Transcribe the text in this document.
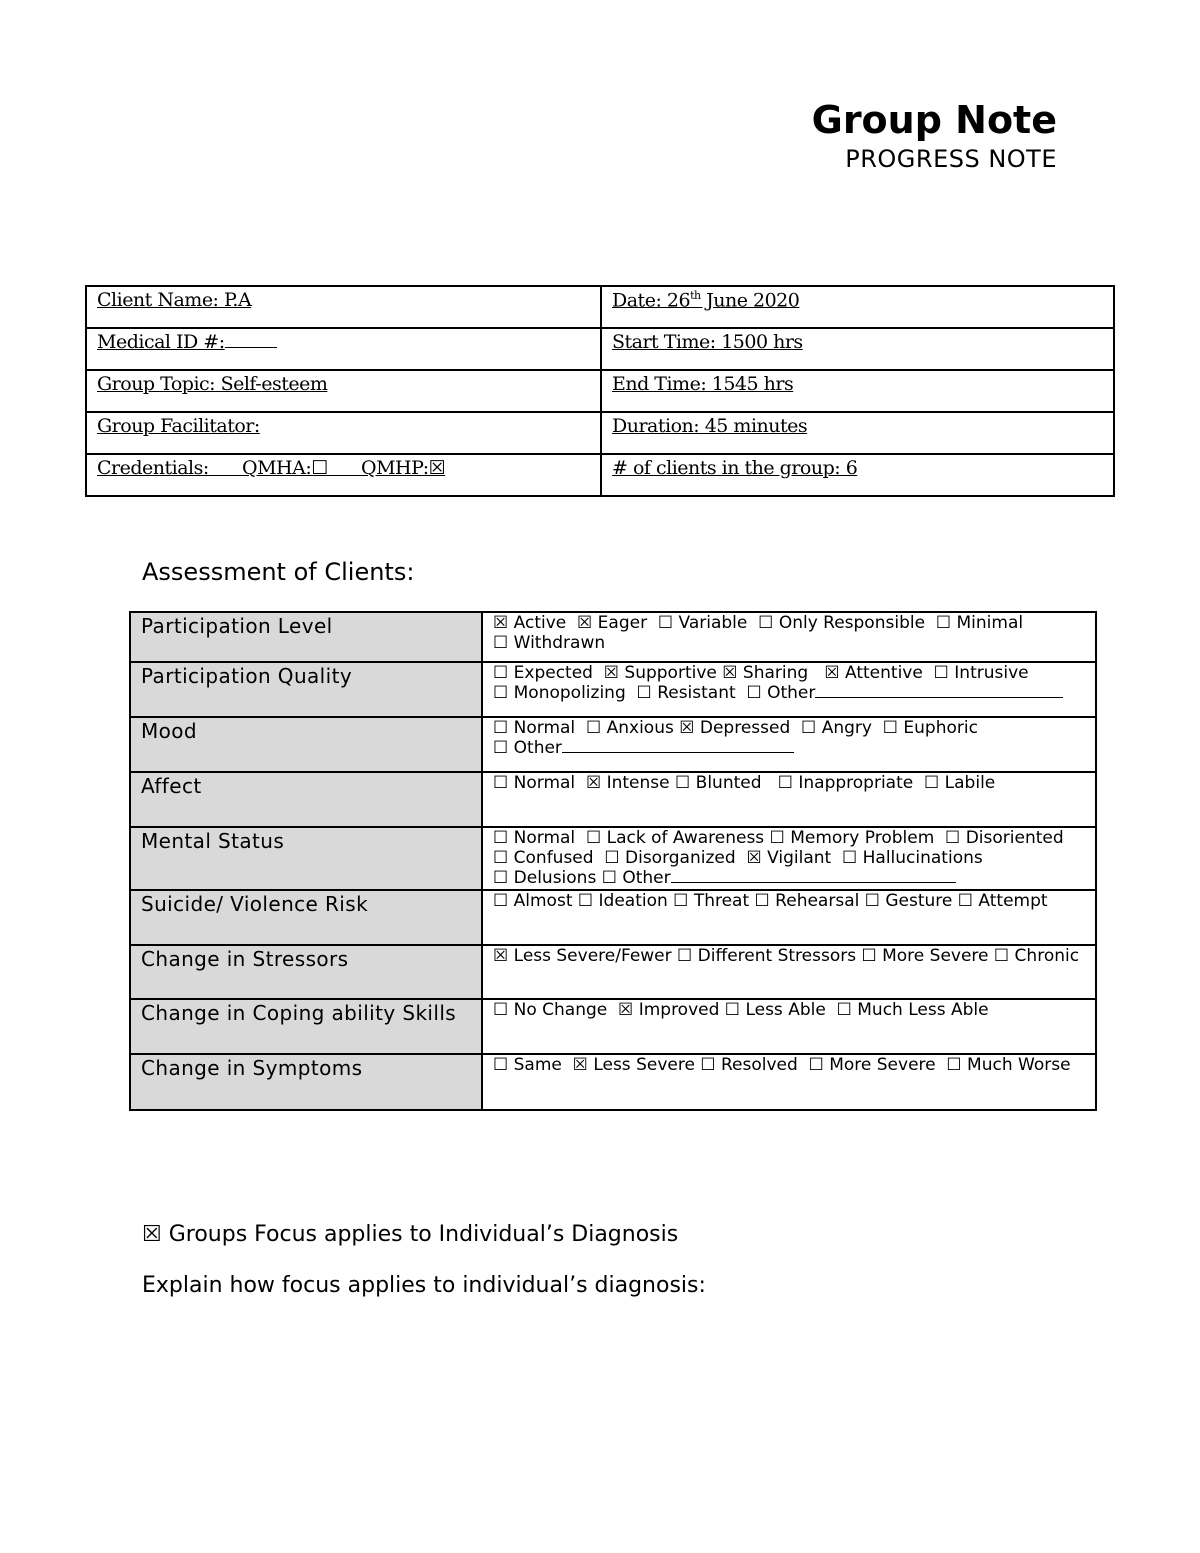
Group Note
PROGRESS NOTE
Client Name: P.A	Date: 26th June 2020
Medical ID #:	Start Time: 1500 hrs
Group Topic: Self-esteem	End Time: 1545 hrs
Group Facilitator:	Duration: 45 minutes
Credentials:      QMHA:☐      QMHP:☒	# of clients in the group: 6
Assessment of Clients:
Participation Level	☒ Active  ☒ Eager  ☐ Variable  ☐ Only Responsible  ☐ Minimal
☐ Withdrawn

Participation Quality	☐ Expected  ☒ Supportive ☒ Sharing   ☒ Attentive  ☐ Intrusive
☐ Monopolizing  ☐ Resistant  ☐ Other

Mood	☐ Normal  ☐ Anxious ☒ Depressed  ☐ Angry  ☐ Euphoric
☐ Other

Affect	☐ Normal  ☒ Intense ☐ Blunted   ☐ Inappropriate  ☐ Labile

Mental Status	☐ Normal  ☐ Lack of Awareness ☐ Memory Problem  ☐ Disoriented
☐ Confused  ☐ Disorganized  ☒ Vigilant  ☐ Hallucinations
☐ Delusions ☐ Other

Suicide/ Violence Risk	☐ Almost ☐ Ideation ☐ Threat ☐ Rehearsal ☐ Gesture ☐ Attempt
Change in Stressors	☒ Less Severe/Fewer ☐ Different Stressors ☐ More Severe ☐ Chronic
Change in Coping ability Skills	☐ No Change  ☒ Improved ☐ Less Able  ☐ Much Less Able

Change in Symptoms	☐ Same  ☒ Less Severe ☐ Resolved  ☐ More Severe  ☐ Much Worse
☒ Groups Focus applies to Individual’s Diagnosis
Explain how focus applies to individual’s diagnosis:
